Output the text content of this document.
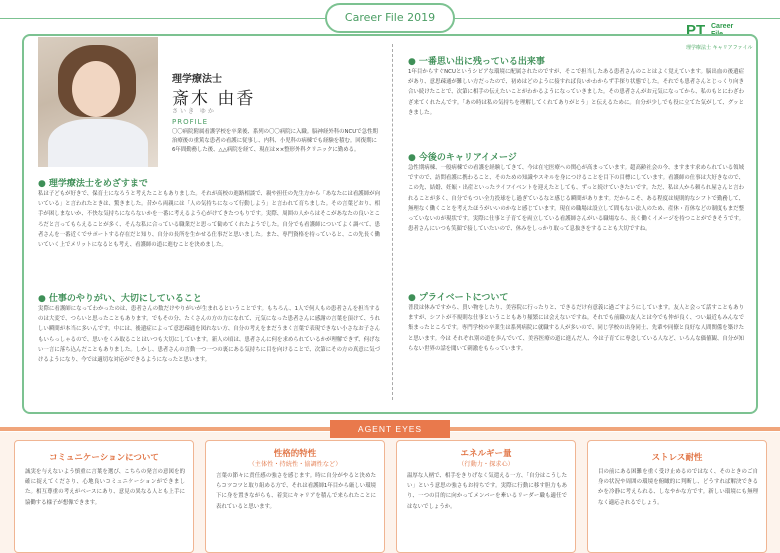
Career File 2019
PT Career
File
理学療法士 キャリアファイル
理学療法士
斎木 由香
さいき ゆか
PROFILE
〇〇病院附属看護学校を卒業後、系列の〇〇病院に入職。脳神経外科のNCUで急性期治療後の重篤な患者の看護に従事し、内科、小児科の病棟でも経験を積む。回復期に6年間勤務した後、△△病院を経て、現在は××整形外科クリニックに勤める。
● 理学療法士をめざすまで
私は子どもが好きで、保育士になろうと考えたこともありました。それが高校の進路相談で、親や担任の先生方から「あなたには看護師が向いている」と言われたときは、驚きました。昔から両親には「人の気持ちになって行動しよう」と言われて育ちました。その言葉どおり、相手が困しまないか、不快な気持ちにならないかを一番に考えるよう心がけてきたつもりです。実際、周囲の人からはそこがあなたの良いところだと言ってもらえることが多く、そんな私に合っている職業だと思って勧めてくれたようでした。自分でも看護師についてよく調べて、患者さんを一番近くでサポートする存在だと知り、自分の長所を生かせる仕事だと思いました。また、専門資格を持っていると、この先長く働いていく上でメリットになるとも考え、看護師の道に進むことを決めました。
● 仕事のやりがい、大切にしていること
実際に看護師になってわかったのは、患者さんの数だけやりがいが生まれるということです。もちろん、1人で何人もの患者さんを担当するのは大変で、つらいと思ったこともあります。でもその分、たくさんの方の力になれて、元気になった患者さんに感謝の言葉を頂けて、うれしい瞬間が本当に多いんです。中には、後遺症によって意思疎通を図れない方、自分の考えをまだうまく言葉で表現できない小さなお子さんもいらっしゃるので、思いをくみ取ることはいつも大切にしています。新人の頃は、患者さんに何を求められているかが理解できず、何げない一言に落ち込んだこともありました。しかし、患者さんの言動一つ一つの裏にある気持ちに目を向けることで、次第にその方の真意に気づけるようになり、今では適切な対応ができるようになったと思います。
● 一番思い出に残っている出来事
1年目からすぐNCUというシビアな環境に配属されたのですが、そこで担当したある患者さんのことはよく覚えています。脳出血の後遺症があり、意思疎通が難しい方だったので、初めはどのように接すれば良いかわからず手探り状態でした。それでも患者さんとじっくり向き合い続けたことで、次第に相手の伝えたいことがわかるようになっていきました。その患者さんがお元気になってから、私のもとにわざわざ来てくれたんです。「あの時は私の気持ちを理解してくれてありがとう」と伝えるために。自分が少しでも役に立てた気がして、グッときました。
● 今後のキャリアイメージ
急性期病棟、一般病棟での看護を経験してきて、今は在宅医療への関心が高まっています。超高齢社会の今、ますます求められている領域ですので、訪問看護に携わること、そのための知識やスキルを身につけることを目下の目標にしています。看護師の仕事は大好きなので、この先、結婚、妊娠・出産といったライフイベントを迎えたとしても、ずっと続けていきたいです。ただ、私は人から頼られ屋さんと言われることが多く、自分でもつい全力投球をし過ぎているなと感じる瞬間があります。だからこそ、ある程度は規則的なシフトで勤務して、無理なく働くことを考えたほうがいいのかなと感じています。現在の職場は設立して間もない法人のため、産休・育休などの制度もまだ整っていないのが現状です。実際に仕事と子育てを両立している看護師さんがいる職場なら、長く働くイメージを持つことができそうです。患者さんにいつも笑顔で接していたいので、休みをしっかり取って息抜きをすることも大切ですね。
● プライベートについて
普段は休みですから、買い物をしたり、美容院に行ったりと、できるだけ有意義に過ごすようにしています。友人と会って話すこともありますが、シフトが不規則な仕事ということもあり頻繁には会えないですね。それでも前職の友人とは今でも仲が良く、つい最近もみんなで集まったところです。専門学校の卒業生は系列病院に就職する人が多いので、同じ学校の出身同士、先輩や同僚と良好な人間関係を築けたと思います。今は それぞれ別の道を歩んでいて、美容医療の道に進んだ人、今は子育てに専念している人など、いろんな価値観、自分が知らない世界の話を聞いて刺激をもらっています。
AGENT EYES
コミュニケーションについて
誠実を与えないよう慎重に言葉を選び、こちらの発言の意図を的確に捉えてくださり、心地良いコミュニケーションができました。相互尊重の考えがベースにあり、意見の異なる人とも上手に協働する様子が想像できます。
性格的特性
（主体性・持続性・協調性など）
言葉の節々に責任感の強さを感じます。時に自分がやると決めたらコツコツと取り組める方で、それは看護師1年目から厳しい環境下に身を置きながらも、着実にキャリアを積んで来られたことに表れていると思います。
エネルギー量
（行動力・探求心）
温厚な人柄で、相手をきりげなく気遣える一方、「自分はこうしたい」という意思の強さもお持ちです。実際に行動に移す胆力もあり、一つの目的に向かってメンバーを牽いるリーダー職も適任ではないでしょうか。
ストレス耐性
目の前にある困難を重く受け止めるのではなく、そのときのご自身の状況や周囲の環境を俯瞰的に判断し、どうすれば解決できるかを冷静に考えられる、しなやかな方です。新しい環境にも無理なく適応されるでしょう。
